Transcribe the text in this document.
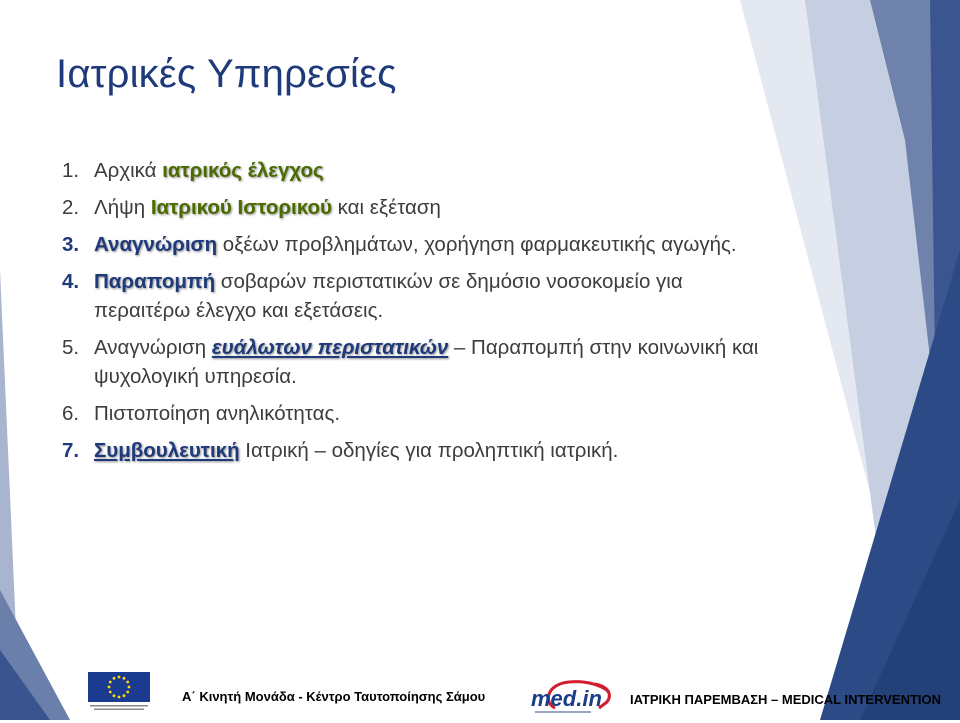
Ιατρικές Υπηρεσίες
1. Αρχικά ιατρικός έλεγχος
2. Λήψη Ιατρικού Ιστορικού και εξέταση
3. Αναγνώριση οξέων προβλημάτων, χορήγηση φαρμακευτικής αγωγής.
4. Παραπομπή σοβαρών περιστατικών σε δημόσιο νοσοκομείο για περαιτέρω έλεγχο και εξετάσεις.
5. Αναγνώριση ευάλωτων περιστατικών – Παραπομπή στην κοινωνική και ψυχολογική υπηρεσία.
6. Πιστοποίηση ανηλικότητας.
7. Συμβουλευτική Ιατρική – οδηγίες για προληπτική ιατρική.
Α΄ Κινητή Μονάδα - Κέντρο Ταυτοποίησης Σάμου med.in ΙΑΤΡΙΚΗ ΠΑΡΕΜΒΑΣΗ – MEDICAL INTERVENTION
